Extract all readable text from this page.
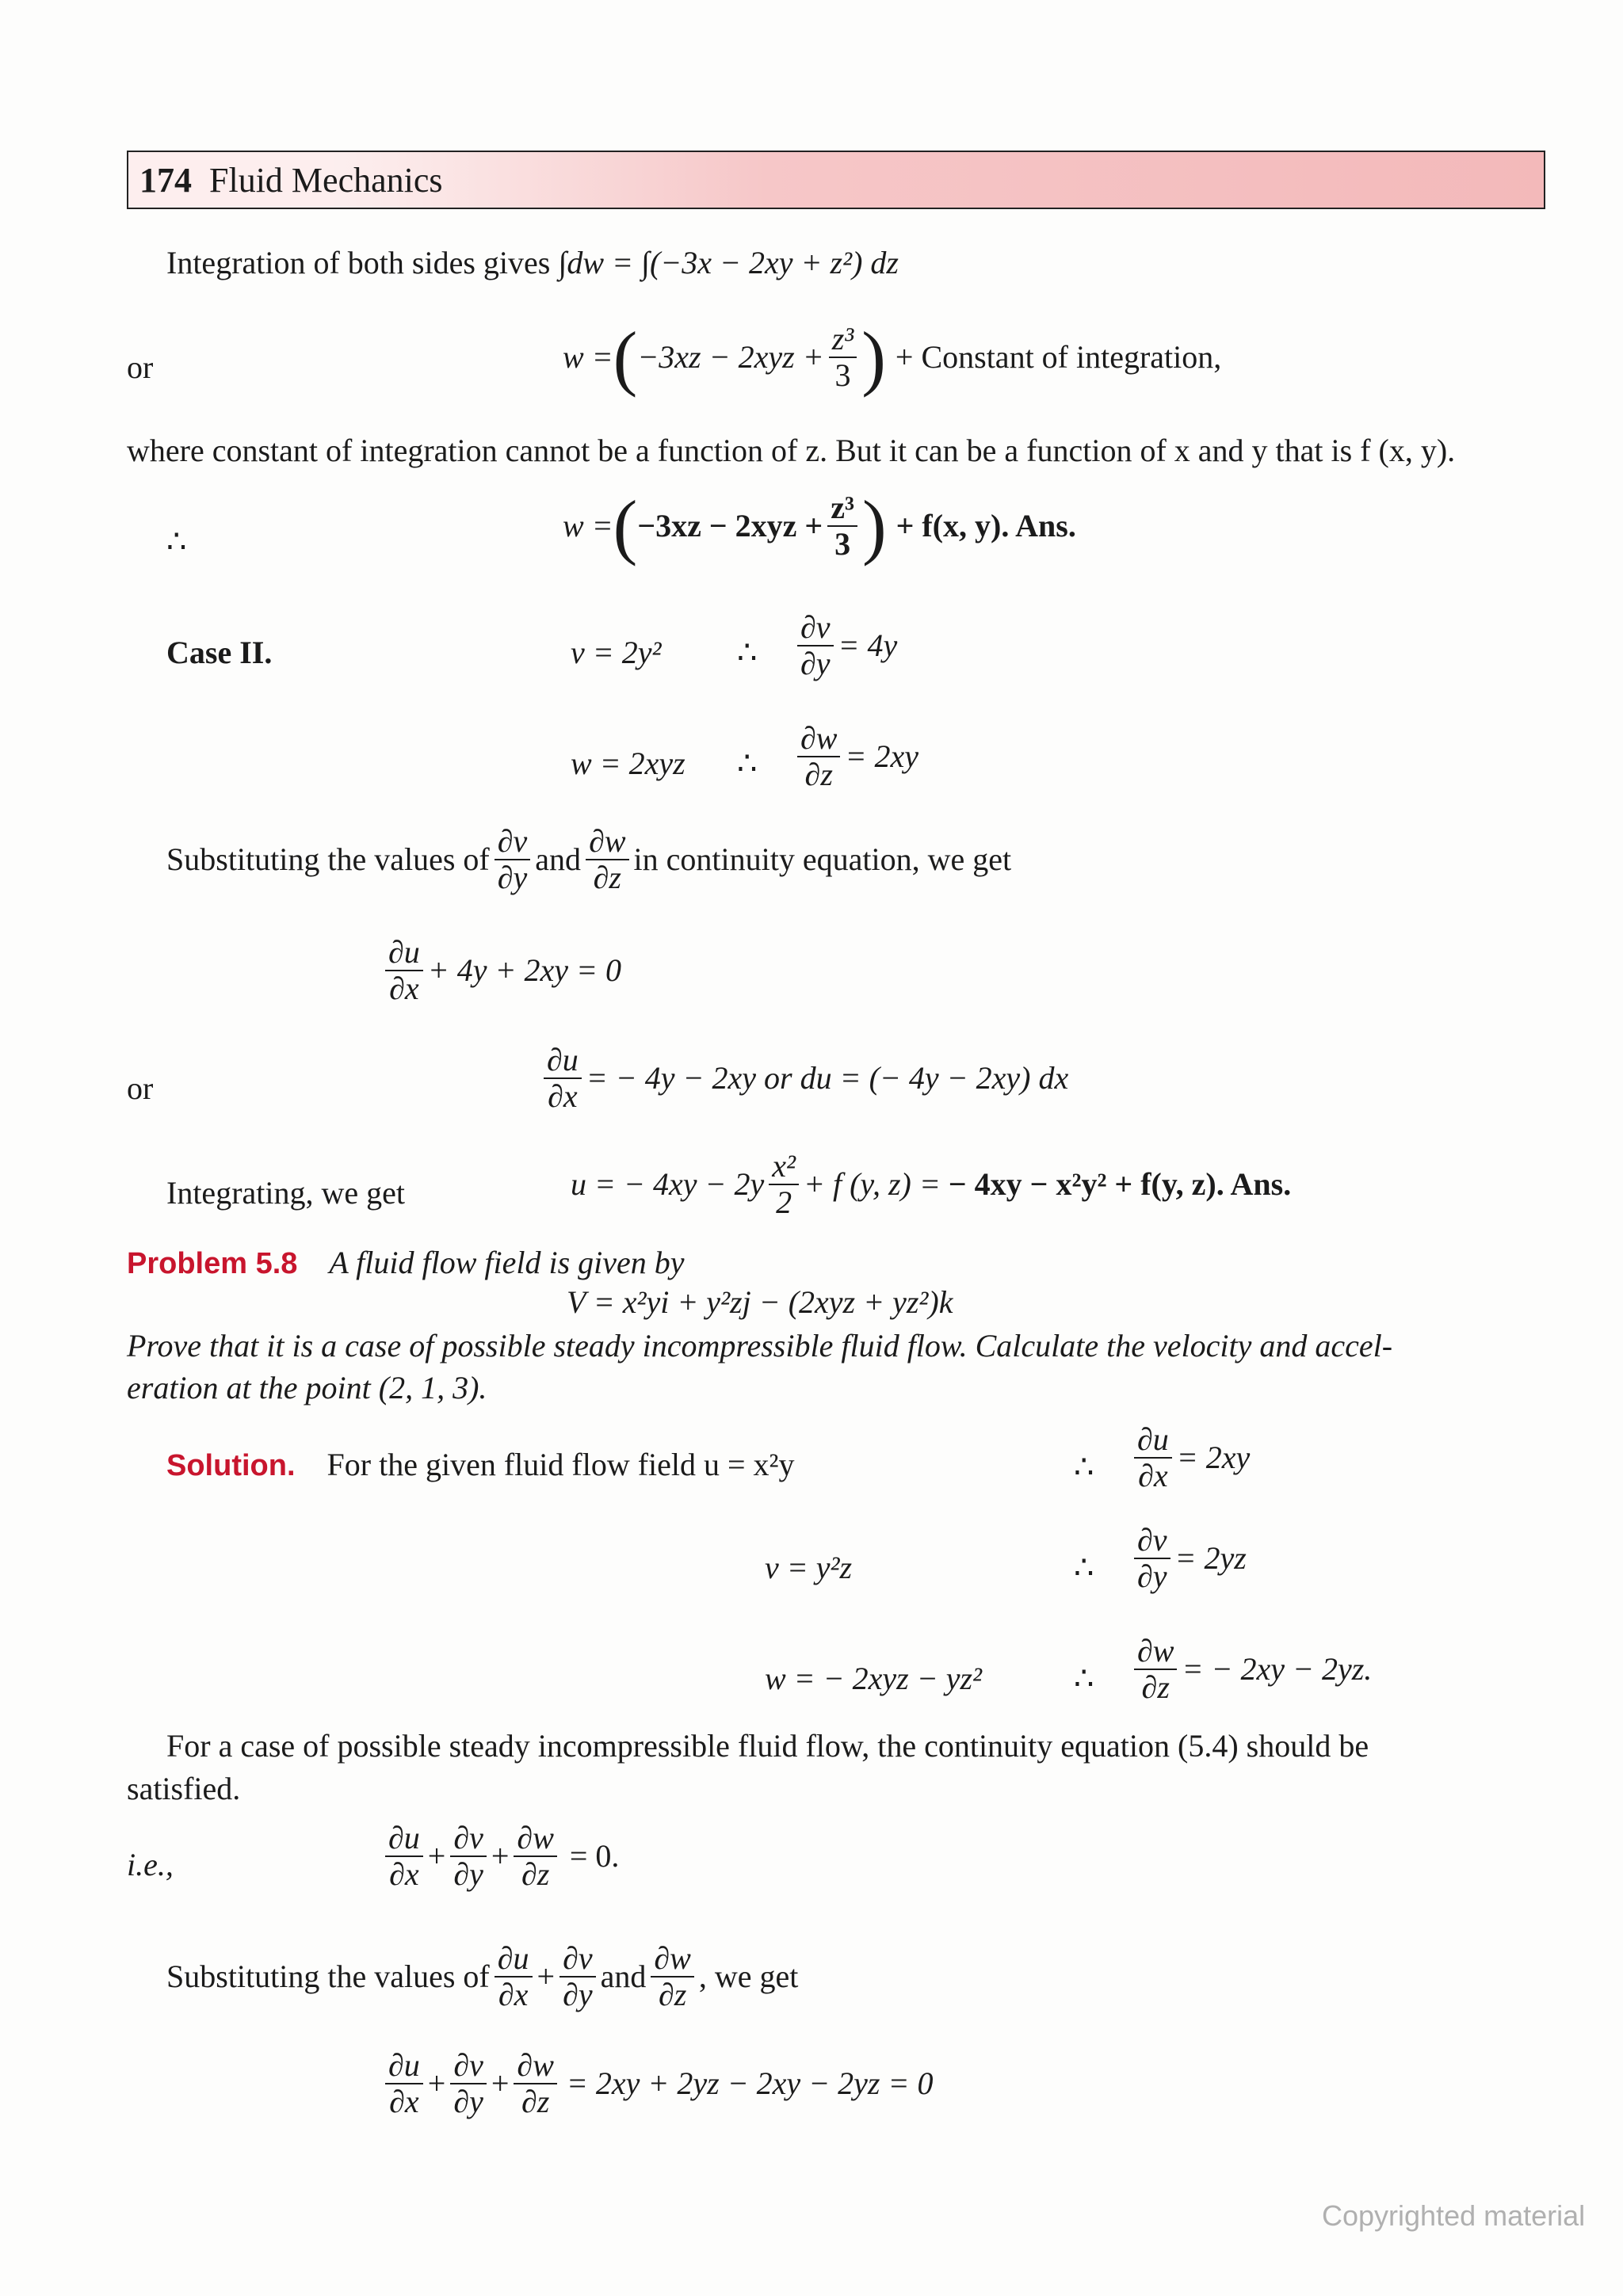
174 Fluid Mechanics
Integration of both sides gives ∫dw = ∫(−3x − 2xy + z²) dz
or	w = ( $-3xz - 2xyz + \frac{\text{z³}}{3}$ ) + Constant of integration,
where constant of integration cannot be a function of z. But it can be a function of x and y that is f (x, y).
∴	w = ( $-3xz - 2xyz + \frac{\text{z³}}{3}$ ) + f(x, y). Ans.
Case II.	v = 2y² ∴ $\frac{\partial v}{\partial y} = 4y$
w = 2xyz ∴ $\frac{\partial w}{\partial z} = 2xy$
Substituting the values of $\frac{\partial v}{\partial y}$ and $\frac{\partial w}{\partial z}$ in continuity equation, we get
$\frac{\partial u}{\partial x} + 4y + 2xy = 0$
or	$\frac{\partial u}{\partial x}$ = − 4y − 2xy or du = (− 4y − 2xy) dx
Integrating, we get	u = − $4xy - 2y \frac{\text{x²}}{2} + f$ (y, z) = − 4xy − x²y² + f(y, z). Ans.
Problem 5.8 A fluid flow field is given by
V = x²yi + y²zj − (2xyz + yz²)k
Prove that it is a case of possible steady incompressible fluid flow. Calculate the velocity and accel-
eration at the point (2, 1, 3).
Solution. For the given fluid flow field u = x²y	∴ $\frac{\partial u}{\partial x} = 2xy$
v = y²z	∴ $\frac{\partial v}{\partial y} = 2yz$
w = − 2xyz − yz²	∴ $\frac{\partial w}{\partial z}$ = − 2xy − 2yz.
For a case of possible steady incompressible fluid flow, the continuity equation (5.4) should be
satisfied.
i.e.,	$\frac{\partial u}{\partial x} + \frac{\partial v}{\partial y} + \frac{\partial w}{\partial z} = 0$.
Substituting the values of $\frac{\partial u}{\partial x} + \frac{\partial v}{\partial y}$ and $\frac{\partial w}{\partial z}$ , we get
$\frac{\partial u}{\partial x} + \frac{\partial v}{\partial y} + \frac{\partial w}{\partial z} = 2xy + 2yz - 2xy - 2yz = 0$
Copyrighted material
